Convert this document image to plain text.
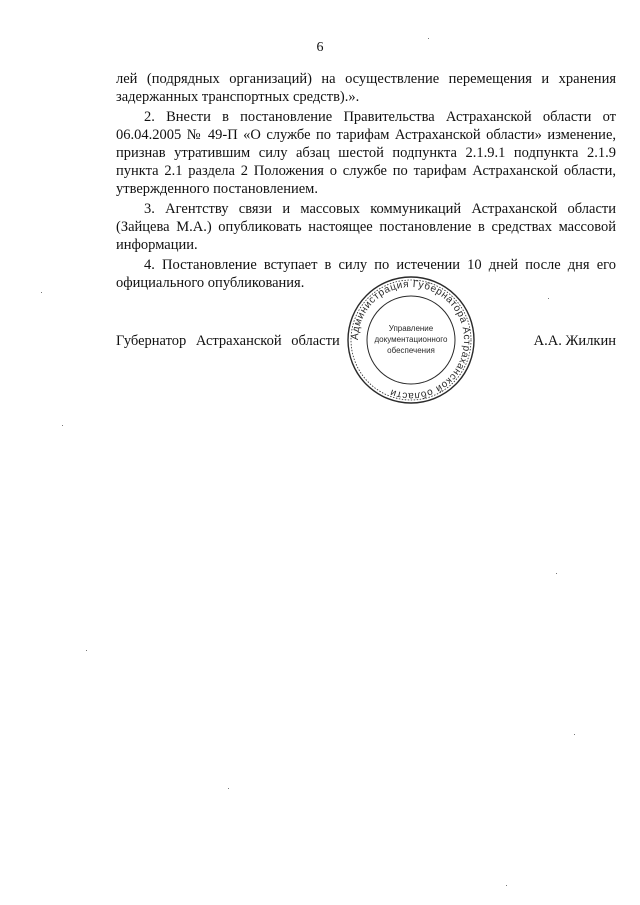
6

лей (подрядных организаций) на осуществление перемещения и хранения задержанных транспортных средств).».

2. Внести в постановление Правительства Астраханской области от 06.04.2005 № 49-П «О службе по тарифам Астраханской области» изменение, признав утратившим силу абзац шестой подпункта 2.1.9.1 подпункта 2.1.9 пункта 2.1 раздела 2 Положения о службе по тарифам Астраханской области, утвержденного постановлением.

3. Агентству связи и массовых коммуникаций Астраханской области (Зайцева М.А.) опубликовать настоящее постановление в средствах массовой информации.

4. Постановление вступает в силу по истечении 10 дней после дня его официального опубликования.

Губернатор Астраханской области	А.А. Жилкин
Администрация Губернатора Астраханской области
Управление
документационного
обеспечения
